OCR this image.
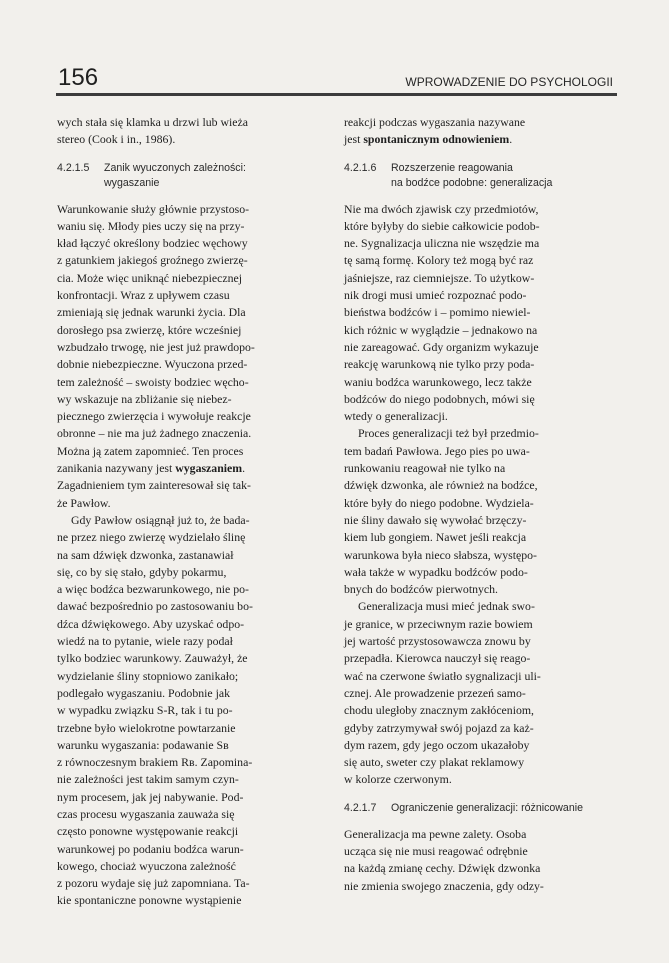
156	WPROWADZENIE DO PSYCHOLOGII
wych stała się klamka u drzwi lub wieża
stereo (Cook i in., 1986).
4.2.1.5 Zanik wyuczonych zależności:
wygaszanie
Warunkowanie służy głównie przystoso-
waniu się. Młody pies uczy się na przy-
kład łączyć określony bodziec węchowy
z gatunkiem jakiegoś groźnego zwierzę-
cia. Może więc uniknąć niebezpiecznej
konfrontacji. Wraz z upływem czasu
zmieniają się jednak warunki życia. Dla
dorosłego psa zwierzę, które wcześniej
wzbudzało trwogę, nie jest już prawdopo-
dobnie niebezpieczne. Wyuczona przed-
tem zależność – swoisty bodziec węcho-
wy wskazuje na zbliżanie się niebez-
piecznego zwierzęcia i wywołuje reakcje
obronne – nie ma już żadnego znaczenia.
Można ją zatem zapomnieć. Ten proces
zanikania nazywany jest wygaszaniem.
Zagadnieniem tym zainteresował się tak-
że Pawłow.
Gdy Pawłow osiągnął już to, że bada-
ne przez niego zwierzę wydzielało ślinę
na sam dźwięk dzwonka, zastanawiał
się, co by się stało, gdyby pokarmu,
a więc bodźca bezwarunkowego, nie po-
dawać bezpośrednio po zastosowaniu bo-
dźca dźwiękowego. Aby uzyskać odpo-
wiedź na to pytanie, wiele razy podał
tylko bodziec warunkowy. Zauważył, że
wydzielanie śliny stopniowo zanikało;
podlegało wygaszaniu. Podobnie jak
w wypadku związku S-R, tak i tu po-
trzebne było wielokrotne powtarzanie
warunku wygaszania: podawanie Sʙ
z równoczesnym brakiem Rʙ. Zapomina-
nie zależności jest takim samym czyn-
nym procesem, jak jej nabywanie. Pod-
czas procesu wygaszania zauważa się
często ponowne występowanie reakcji
warunkowej po podaniu bodźca warun-
kowego, chociaż wyuczona zależność
z pozoru wydaje się już zapomniana. Ta-
kie spontaniczne ponowne wystąpienie
reakcji podczas wygaszania nazywane
jest spontanicznym odnowieniem.
4.2.1.6 Rozszerzenie reagowania
na bodźce podobne: generalizacja
Nie ma dwóch zjawisk czy przedmiotów,
które byłyby do siebie całkowicie podob-
ne. Sygnalizacja uliczna nie wszędzie ma
tę samą formę. Kolory też mogą być raz
jaśniejsze, raz ciemniejsze. To użytkow-
nik drogi musi umieć rozpoznać podo-
bieństwa bodźców i – pomimo niewiel-
kich różnic w wyglądzie – jednakowo na
nie zareagować. Gdy organizm wykazuje
reakcję warunkową nie tylko przy poda-
waniu bodźca warunkowego, lecz także
bodźców do niego podobnych, mówi się
wtedy o generalizacji.
Proces generalizacji też był przedmio-
tem badań Pawłowa. Jego pies po uwa-
runkowaniu reagował nie tylko na
dźwięk dzwonka, ale również na bodźce,
które były do niego podobne. Wydziela-
nie śliny dawało się wywołać brzęczy-
kiem lub gongiem. Nawet jeśli reakcja
warunkowa była nieco słabsza, występo-
wała także w wypadku bodźców podo-
bnych do bodźców pierwotnych.
Generalizacja musi mieć jednak swo-
je granice, w przeciwnym razie bowiem
jej wartość przystosowawcza znowu by
przepadła. Kierowca nauczył się reago-
wać na czerwone światło sygnalizacji uli-
cznej. Ale prowadzenie przezeń samo-
chodu uległoby znacznym zakłóceniom,
gdyby zatrzymywał swój pojazd za każ-
dym razem, gdy jego oczom ukazałoby
się auto, sweter czy plakat reklamowy
w kolorze czerwonym.
4.2.1.7 Ograniczenie generalizacji: różnicowanie
Generalizacja ma pewne zalety. Osoba
ucząca się nie musi reagować odrębnie
na każdą zmianę cechy. Dźwięk dzwonka
nie zmienia swojego znaczenia, gdy odzy-
